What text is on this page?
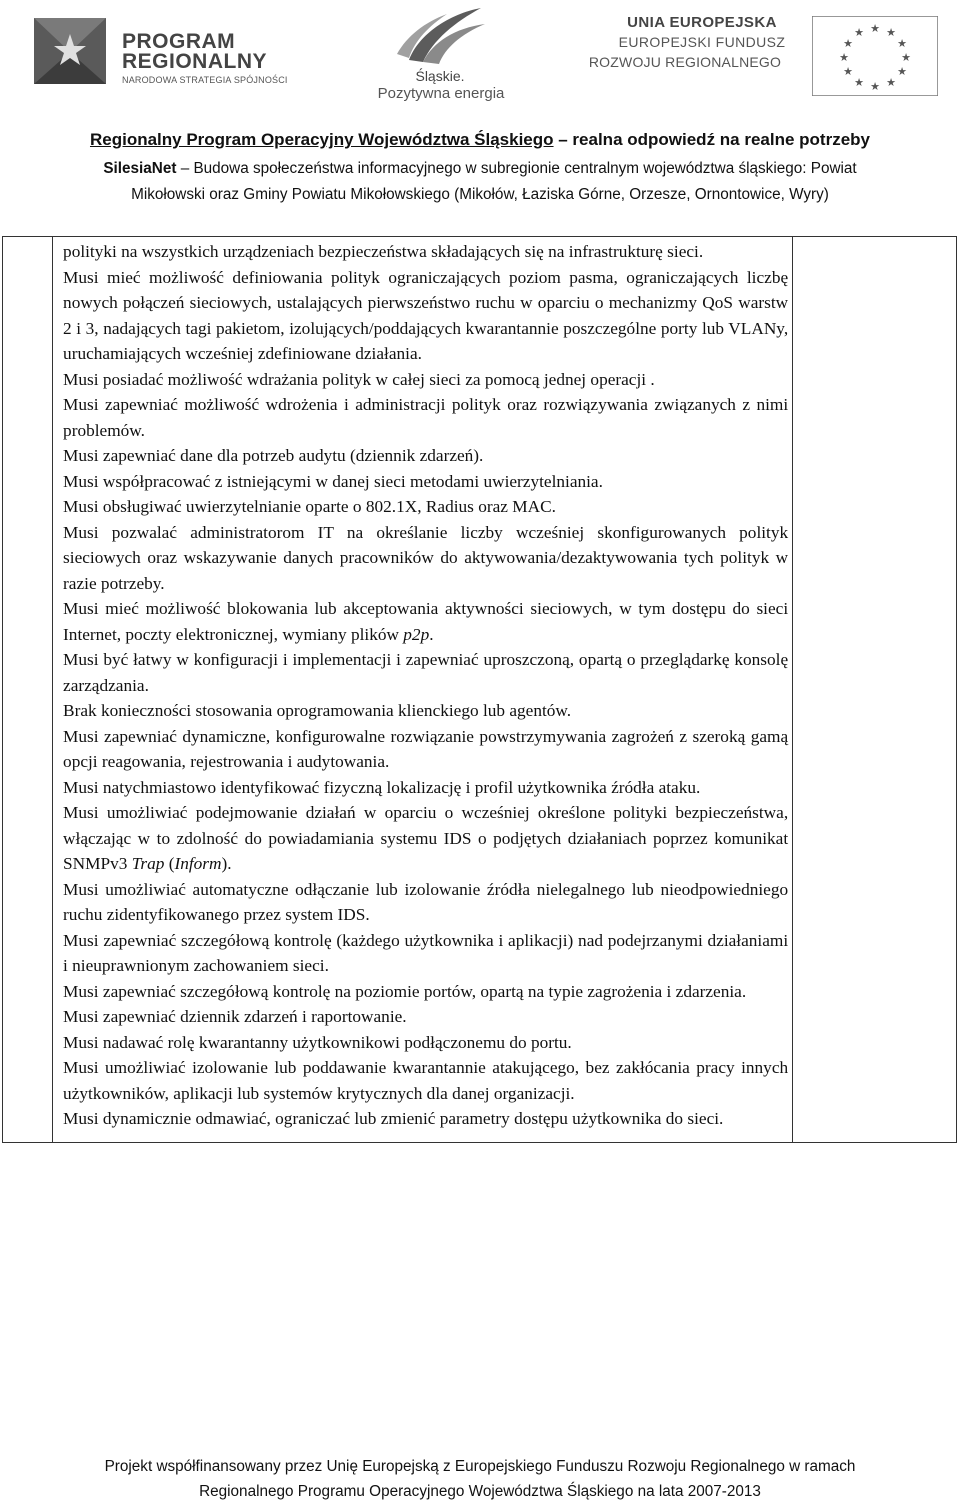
PROGRAM
REGIONALNY
NARODOWA STRATEGIA SPÓJNOŚCI	Śląskie.
Pozytywna energia
UNIA EUROPEJSKA
EUROPEJSKI FUNDUSZ
ROZWOJU REGIONALNEGO
★ ★
★
★
★
★
★
★
★
★
★
★
Regionalny Program Operacyjny Województwa Śląskiego – realna odpowiedź na realne potrzeby
SilesiaNet – Budowa społeczeństwa informacyjnego w subregionie centralnym województwa śląskiego: Powiat
Mikołowski oraz Gminy Powiatu Mikołowskiego (Mikołów, Łaziska Górne, Orzesze, Ornontowice, Wyry)

polityki na wszystkich urządzeniach bezpieczeństwa składających się na infrastrukturę sieci.

Musi mieć możliwość definiowania polityk ograniczających poziom pasma, ograniczających liczbę nowych połączeń sieciowych, ustalających pierwszeństwo ruchu w oparciu o mechanizmy QoS warstw 2 i 3, nadających tagi pakietom, izolujących/poddających kwarantannie poszczególne porty lub VLANy, uruchamiających wcześniej zdefiniowane działania.

Musi posiadać możliwość wdrażania polityk w całej sieci za pomocą jednej operacji .

Musi zapewniać możliwość wdrożenia i administracji polityk oraz rozwiązywania związanych z nimi problemów.

Musi zapewniać dane dla potrzeb audytu (dziennik zdarzeń).

Musi współpracować z istniejącymi w danej sieci metodami uwierzytelniania.

Musi obsługiwać uwierzytelnianie oparte o 802.1X, Radius oraz MAC.

Musi pozwalać administratorom IT na określanie liczby wcześniej skonfigurowanych polityk sieciowych oraz wskazywanie danych pracowników do aktywowania/dezaktywowania tych polityk w razie potrzeby.

Musi mieć możliwość blokowania lub akceptowania aktywności sieciowych, w tym dostępu do sieci Internet, poczty elektronicznej, wymiany plików p2p.

Musi być łatwy w konfiguracji i implementacji i zapewniać uproszczoną, opartą o przeglądarkę konsolę zarządzania.

Brak konieczności stosowania oprogramowania klienckiego lub agentów.

Musi zapewniać dynamiczne, konfigurowalne rozwiązanie powstrzymywania zagrożeń z szeroką gamą opcji reagowania, rejestrowania i audytowania.

Musi natychmiastowo identyfikować fizyczną lokalizację i profil użytkownika źródła ataku.

Musi umożliwiać podejmowanie działań w oparciu o wcześniej określone polityki bezpieczeństwa, włączając w to zdolność do powiadamiania systemu IDS o podjętych działaniach poprzez komunikat SNMPv3 Trap (Inform).

Musi umożliwiać automatyczne odłączanie lub izolowanie źródła nielegalnego lub nieodpowiedniego ruchu zidentyfikowanego przez system IDS.

Musi zapewniać szczegółową kontrolę (każdego użytkownika i aplikacji) nad podejrzanymi działaniami i nieuprawnionym zachowaniem sieci.

Musi zapewniać szczegółową kontrolę na poziomie portów, opartą na typie zagrożenia i zdarzenia.

Musi zapewniać dziennik zdarzeń i raportowanie.

Musi nadawać rolę kwarantanny użytkownikowi podłączonemu do portu.

Musi umożliwiać izolowanie lub poddawanie kwarantannie atakującego, bez zakłócania pracy innych użytkowników, aplikacji lub systemów krytycznych dla danej organizacji.

Musi dynamicznie odmawiać, ograniczać lub zmienić parametry dostępu użytkownika do sieci.

Projekt współfinansowany przez Unię Europejską z Europejskiego Funduszu Rozwoju Regionalnego w ramach
Regionalnego Programu Operacyjnego Województwa Śląskiego na lata 2007-2013
